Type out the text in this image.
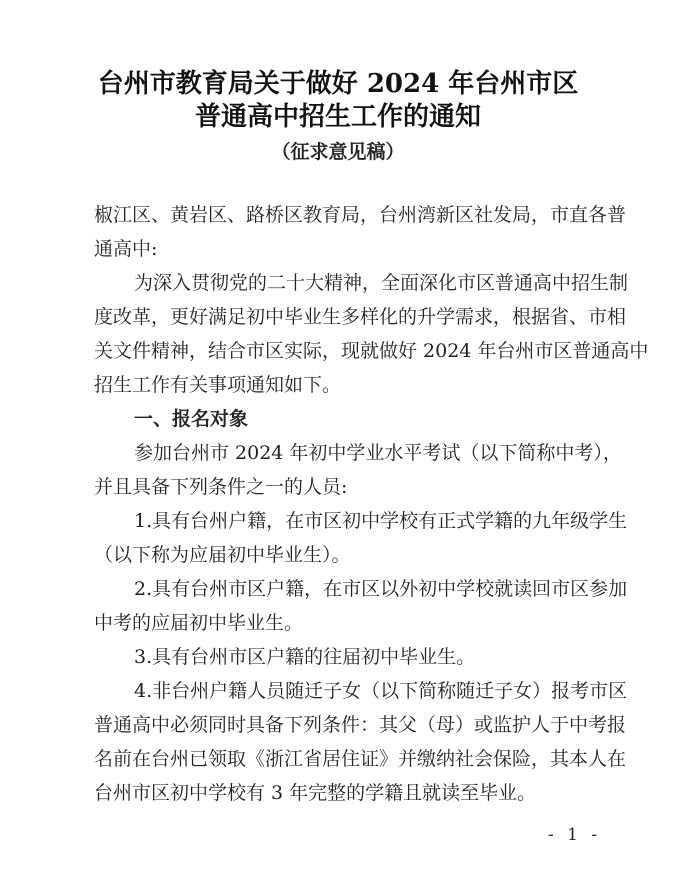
台州市教育局关于做好 2024 年台州市区
普通高中招生工作的通知
（征求意见稿）
椒江区、黄岩区、路桥区教育局，台州湾新区社发局，市直各普
通高中:
为深入贯彻党的二十大精神，全面深化市区普通高中招生制
度改革，更好满足初中毕业生多样化的升学需求，根据省、市相
关文件精神，结合市区实际，现就做好 2024 年台州市区普通高中
招生工作有关事项通知如下。
一、报名对象
参加台州市 2024 年初中学业水平考试（以下简称中考），
并且具备下列条件之一的人员:
1.具有台州户籍，在市区初中学校有正式学籍的九年级学生
（以下称为应届初中毕业生）。
2.具有台州市区户籍，在市区以外初中学校就读回市区参加
中考的应届初中毕业生。
3.具有台州市区户籍的往届初中毕业生。
4.非台州户籍人员随迁子女（以下简称随迁子女）报考市区
普通高中必须同时具备下列条件：其父（母）或监护人于中考报
名前在台州已领取《浙江省居住证》并缴纳社会保险，其本人在
台州市区初中学校有 3 年完整的学籍且就读至毕业。
- 1 -
